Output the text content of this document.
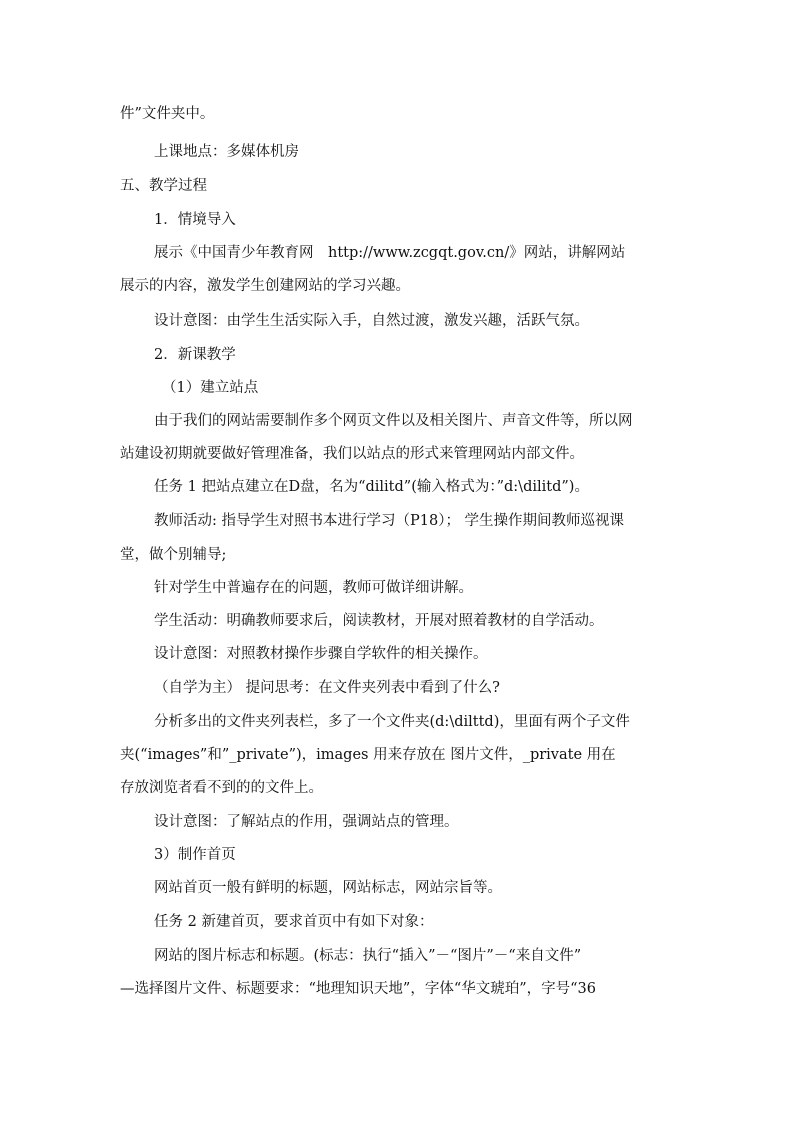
件”文件夹中。
上课地点：多媒体机房
五、教学过程
1．情境导入
展示《中国青少年教育网　http://www.zcgqt.gov.cn/》网站，讲解网站
展示的内容，激发学生创建网站的学习兴趣。
设计意图：由学生生活实际入手，自然过渡，激发兴趣，活跃气氛。
2．新课教学
（1）建立站点
由于我们的网站需要制作多个网页文件以及相关图片、声音文件等，所以网
站建设初期就要做好管理准备，我们以站点的形式来管理网站内部文件。
任务 1 把站点建立在D盘，名为“dilitd”(输入格式为：”d:\dilitd”)。
教师活动: 指导学生对照书本进行学习（P18）； 学生操作期间教师巡视课
堂，做个别辅导;
针对学生中普遍存在的问题，教师可做详细讲解。
学生活动：明确教师要求后，阅读教材，开展对照着教材的自学活动。
设计意图：对照教材操作步骤自学软件的相关操作。
（自学为主） 提问思考：在文件夹列表中看到了什么?
分析多出的文件夹列表栏，多了一个文件夹(d:\dilttd)，里面有两个子文件
夹(“images”和”_private”)，images 用来存放在 图片文件，_private 用在
存放浏览者看不到的的文件上。
设计意图：了解站点的作用，强调站点的管理。
3）制作首页
网站首页一般有鲜明的标题，网站标志，网站宗旨等。
任务 2 新建首页，要求首页中有如下对象：
网站的图片标志和标题。(标志：执行“插入”－“图片”－“来自文件”
—选择图片文件、标题要求：“地理知识天地”，字体“华文琥珀”，字号“36
